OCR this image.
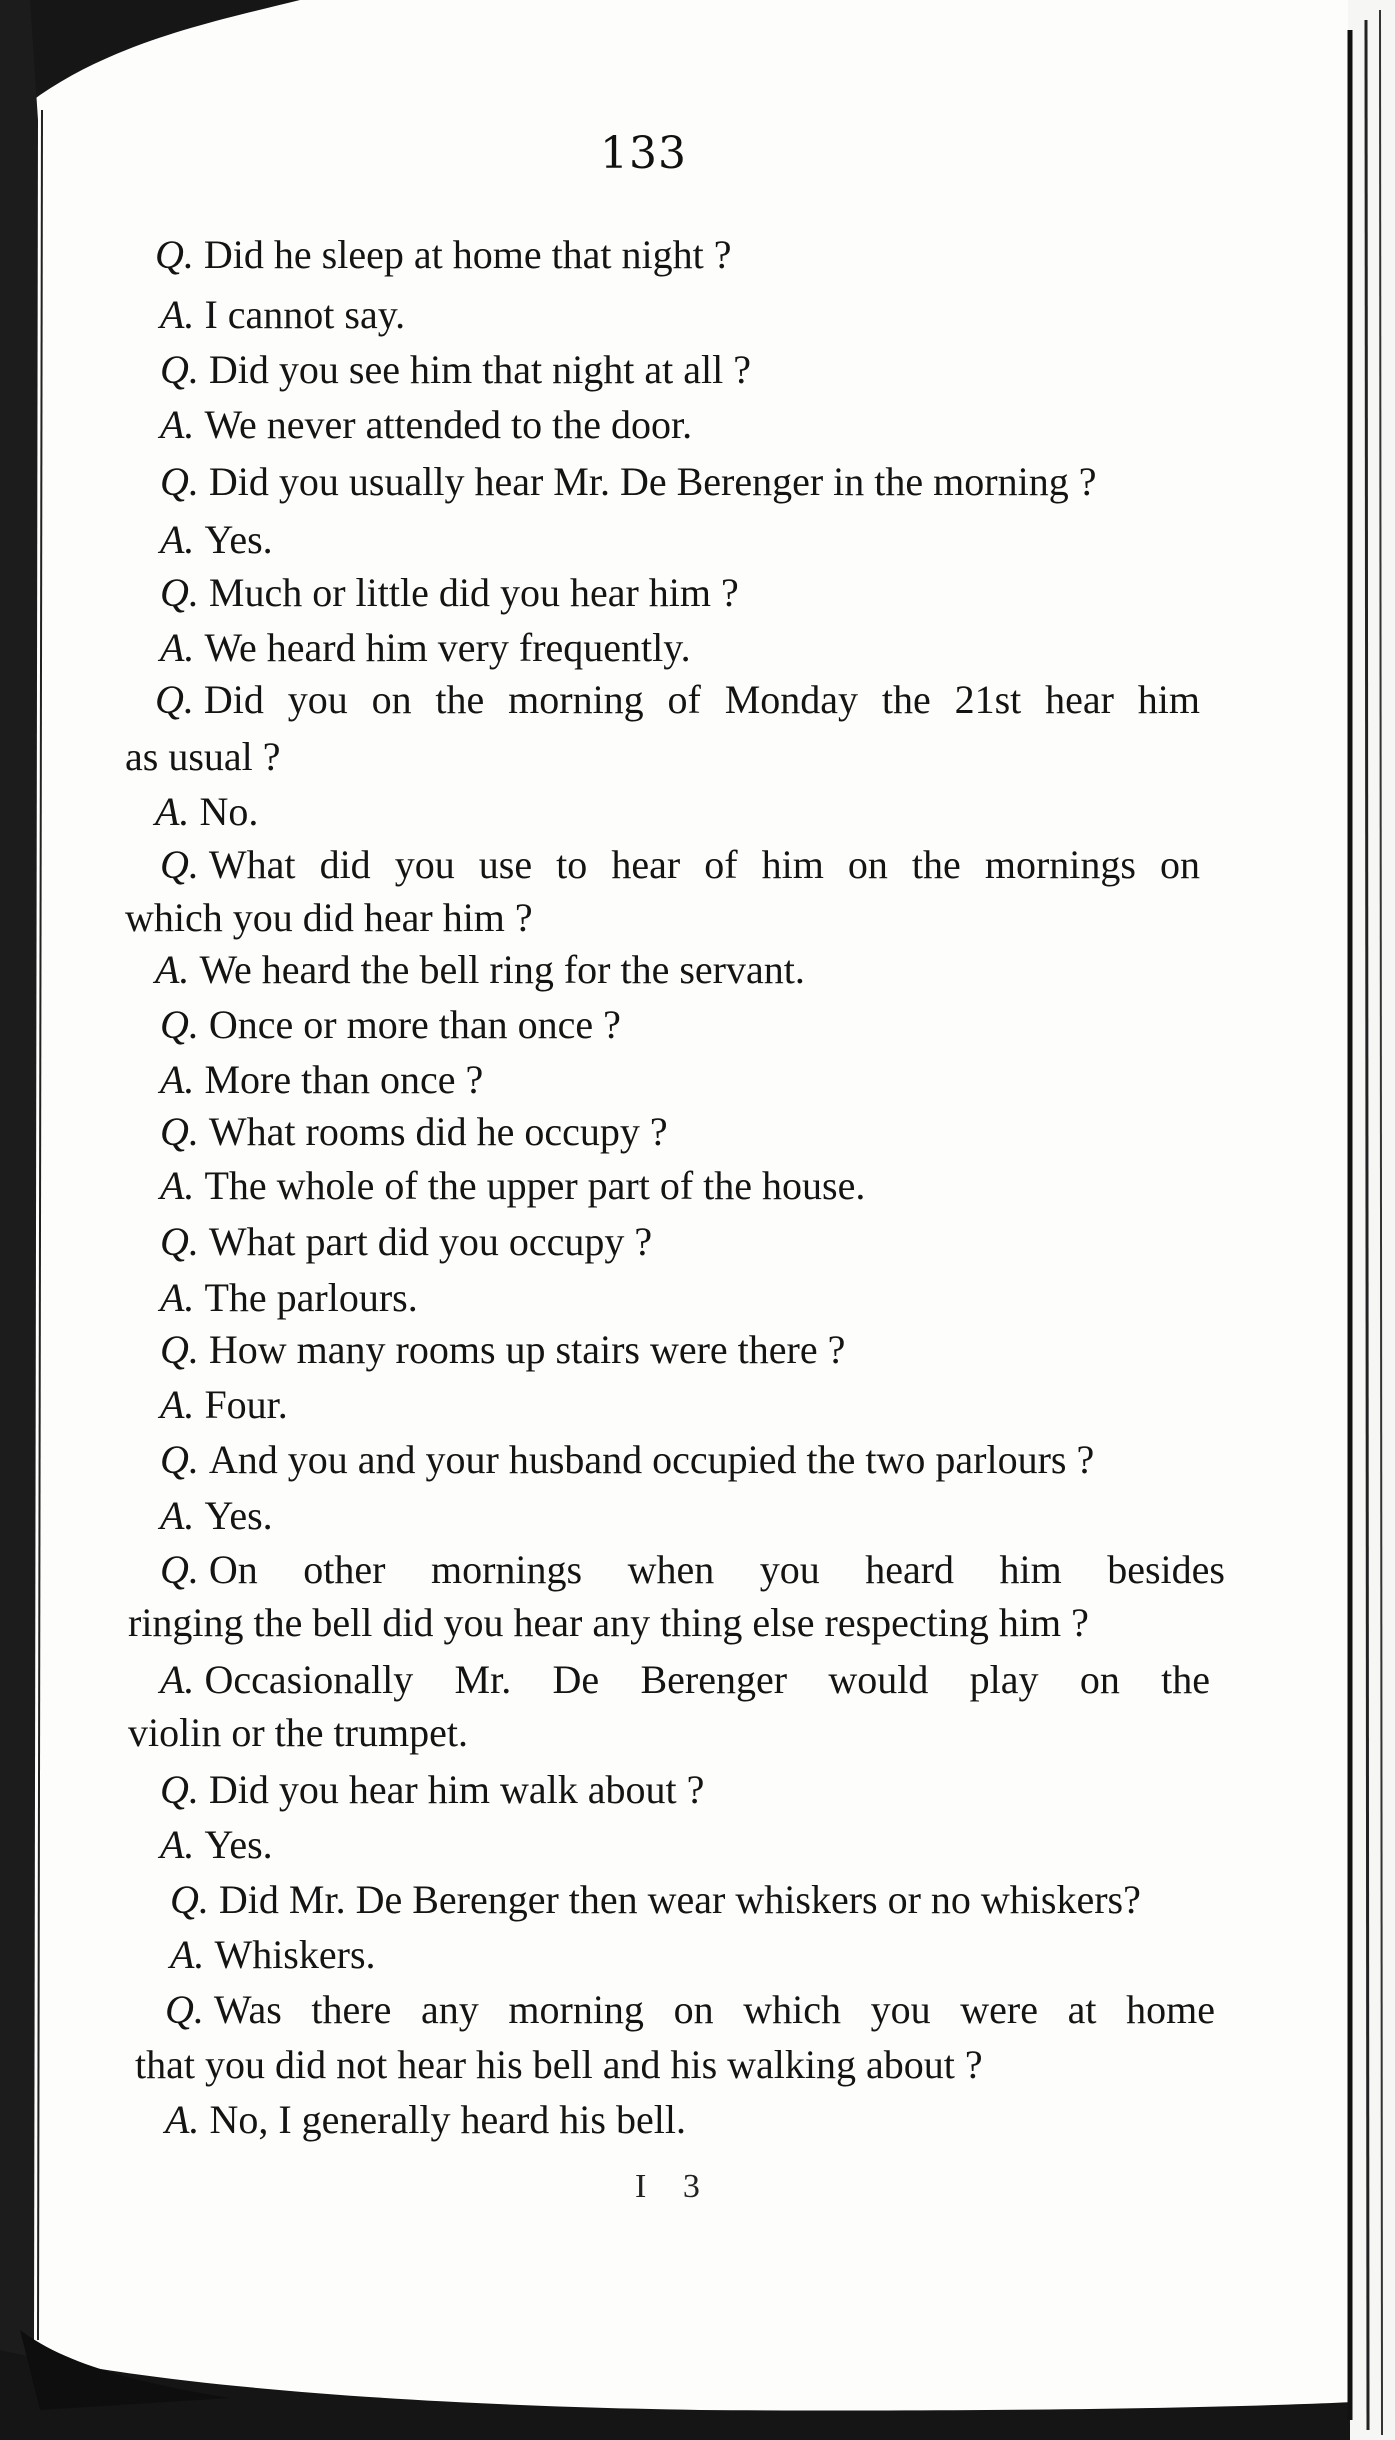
133
Q. Did he sleep at home that night ?
A. I cannot say.
Q. Did you see him that night at all ?
A. We never attended to the door.
Q. Did you usually hear Mr. De Berenger in the morning ?
A. Yes.
Q. Much or little did you hear him ?
A. We heard him very frequently.
Q. Did you on the morning of Monday the 21st hear him
as usual ?
A. No.
Q. What did you use to hear of him on the mornings on
which you did hear him ?
A. We heard the bell ring for the servant.
Q. Once or more than once ?
A. More than once ?
Q. What rooms did he occupy ?
A. The whole of the upper part of the house.
Q. What part did you occupy ?
A. The parlours.
Q. How many rooms up stairs were there ?
A. Four.
Q. And you and your husband occupied the two parlours ?
A. Yes.
Q. On other mornings when you heard him besides
ringing the bell did you hear any thing else respecting him ?
A. Occasionally Mr. De Berenger would play on the
violin or the trumpet.
Q. Did you hear him walk about ?
A. Yes.
Q. Did Mr. De Berenger then wear whiskers or no whiskers?
A. Whiskers.
Q. Was there any morning on which you were at home
that you did not hear his bell and his walking about ?
A. No, I generally heard his bell.
I 3
